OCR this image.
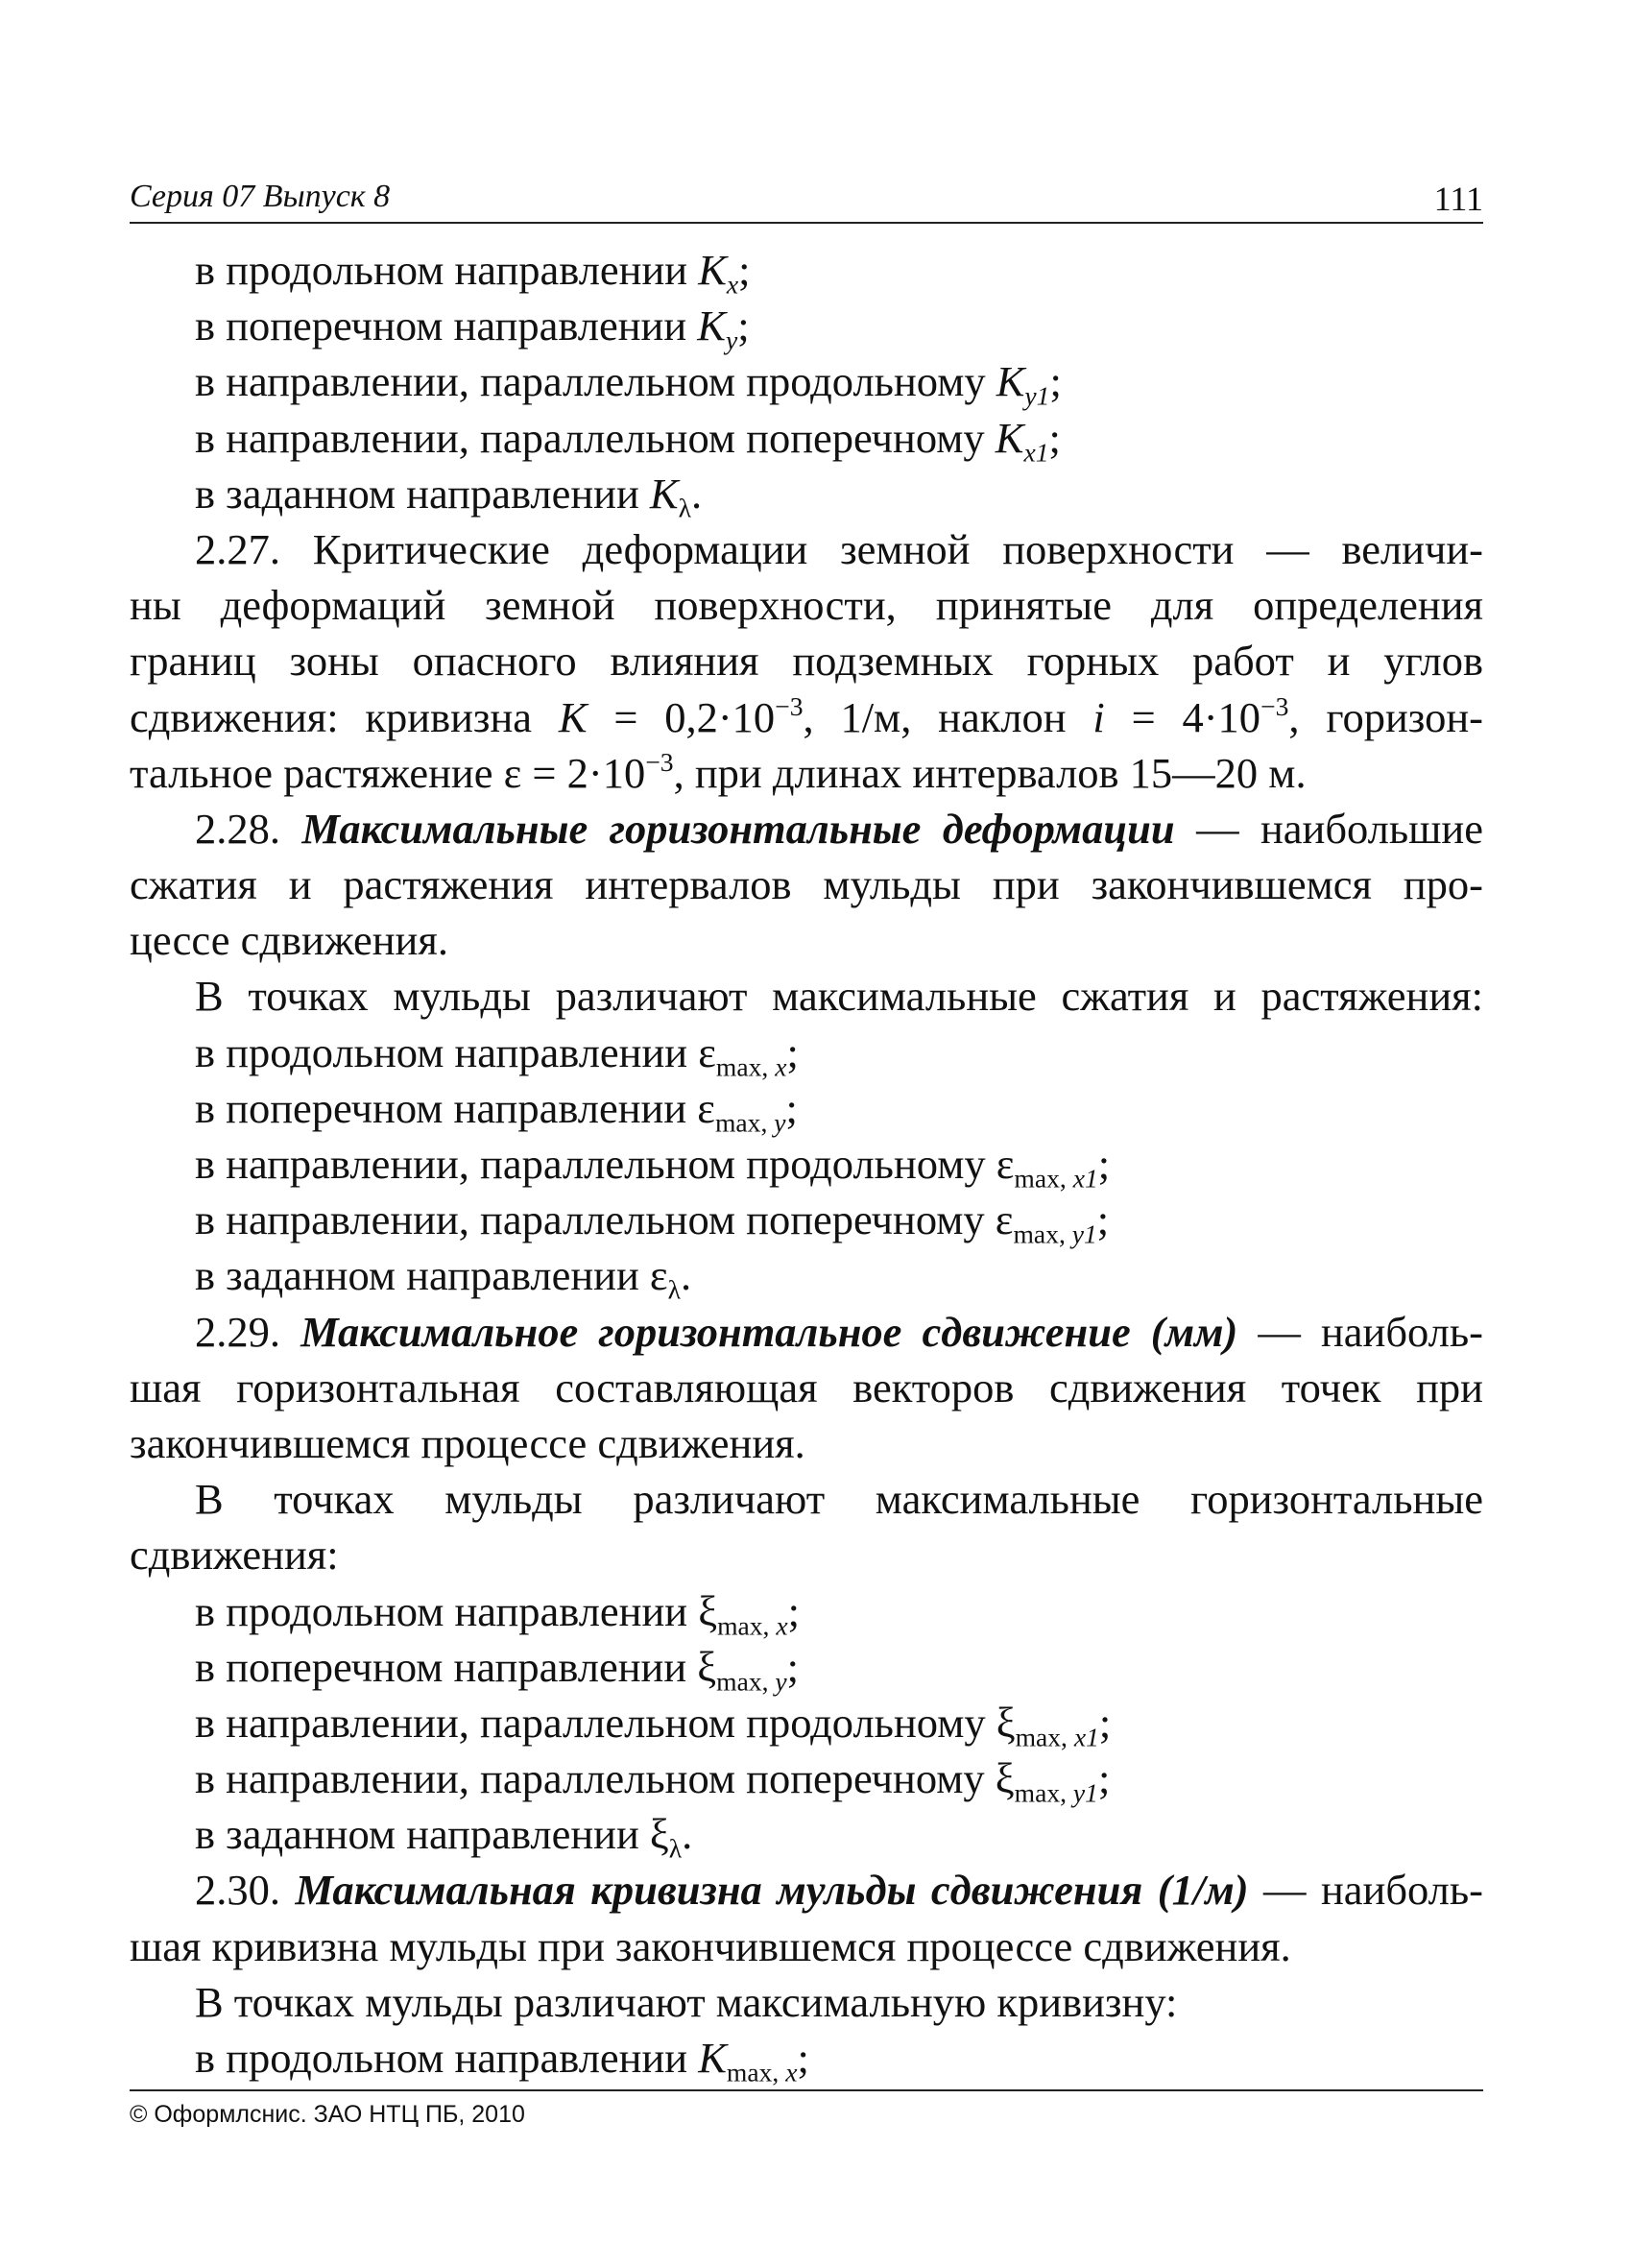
Серия 07 Выпуск 8	111
в продольном направлении $K_x$;
в поперечном направлении $K_y$;
в направлении, параллельном продольному $K_{y1}$;
в направлении, параллельном поперечному $K_{x1}$;
в заданном направлении $K_\lambda$.
2.27. Критические деформации земной поверхности — величи-
ны деформаций земной поверхности, принятые для определения
границ зоны опасного влияния подземных горных работ и углов
сдвижения: кривизна $K = 0,2\cdot 10^{-3}$, 1/м, наклон $i = 4\cdot 10^{-3}$, горизон-
тальное растяжение $\varepsilon = 2\cdot 10^{-3}$, при длинах интервалов 15—20 м.
2.28. Максимальные горизонтальные деформации — наибольшие
сжатия и растяжения интервалов мульды при закончившемся про-
цессе сдвижения.
В точках мульды различают максимальные сжатия и растяжения:
в продольном направлении $\varepsilon_{max, x}$;
в поперечном направлении $\varepsilon_{max, y}$;
в направлении, параллельном продольному $\varepsilon_{max, x1}$;
в направлении, параллельном поперечному $\varepsilon_{max, y1}$;
в заданном направлении $\varepsilon_\lambda$.
2.29. Максимальное горизонтальное сдвижение (мм) — наиболь-
шая горизонтальная составляющая векторов сдвижения точек при
закончившемся процессе сдвижения.
В точках мульды различают максимальные горизонтальные
сдвижения:
в продольном направлении $\xi_{max, x}$;
в поперечном направлении $\xi_{max, y}$;
в направлении, параллельном продольному $\xi_{max, x1}$;
в направлении, параллельном поперечному $\xi_{max, y1}$;
в заданном направлении $\xi_\lambda$.
2.30. Максимальная кривизна мульды сдвижения (1/м) — наиболь-
шая кривизна мульды при закончившемся процессе сдвижения.
В точках мульды различают максимальную кривизну:
в продольном направлении $K_{max, x}$;
© Оформлснис. ЗАО НТЦ ПБ, 2010
